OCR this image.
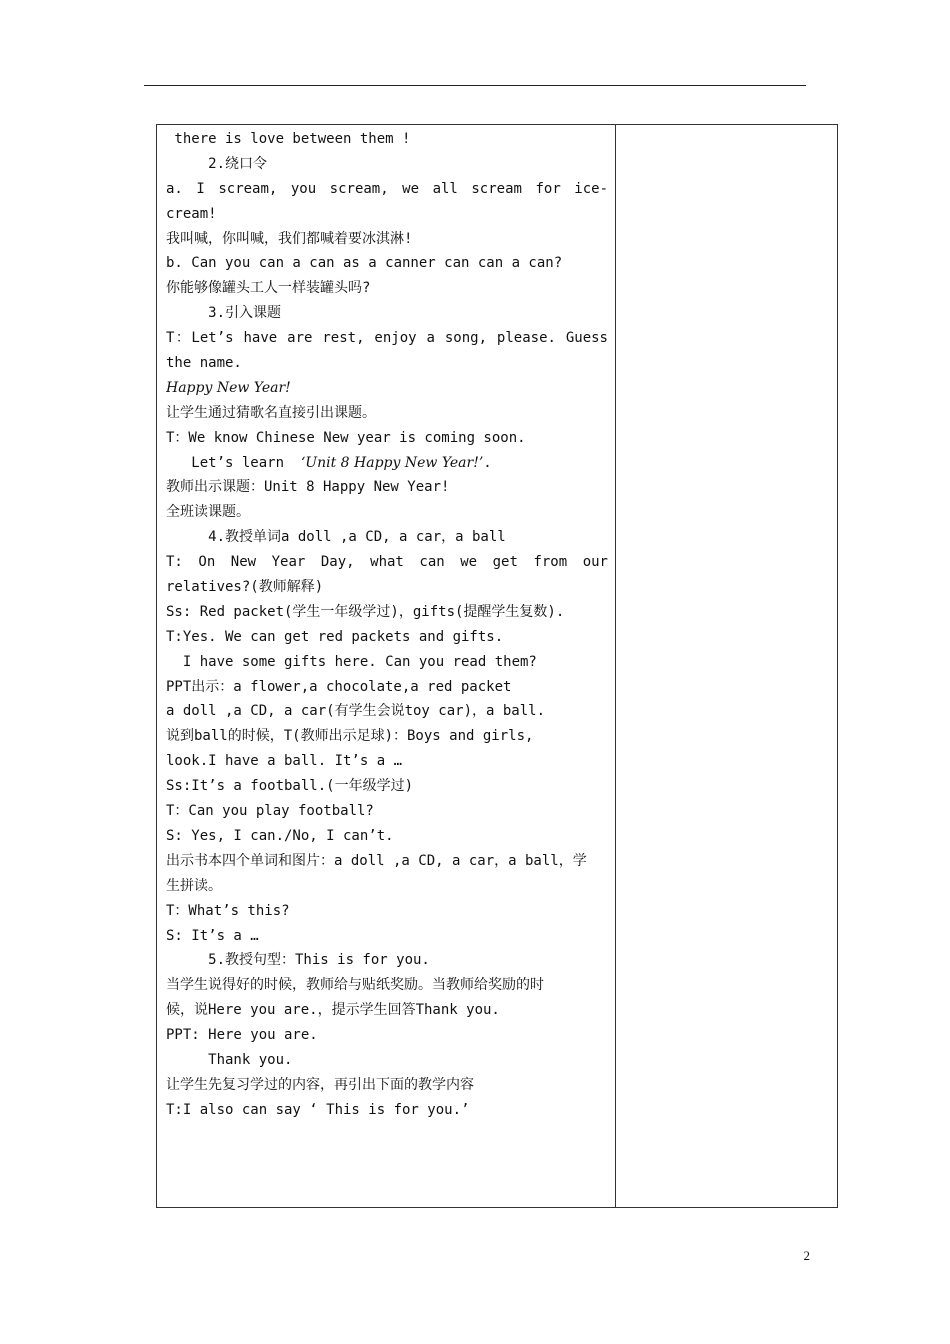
there is love between them !
2.绕口令
a. I scream, you scream, we all scream for ice-
cream!
我叫喊，你叫喊，我们都喊着要冰淇淋!
b. Can you can a can as a canner can can a can?
你能够像罐头工人一样装罐头吗?
3.引入课题
T：Let’s have are rest, enjoy a song, please. Guess
the name.
Happy New Year!
让学生通过猜歌名直接引出课题。
T：We know Chinese New year is coming soon.
Let’s learn  ‘Unit 8 Happy New Year!’.
教师出示课题：Unit 8 Happy New Year!
全班读课题。
4.教授单词a doll ,a CD, a car，a ball
T: On New Year Day, what can we get from our
relatives?(教师解释)
Ss: Red packet(学生一年级学过)，gifts(提醒学生复数).
T:Yes. We can get red packets and gifts.
I have some gifts here. Can you read them?
PPT出示：a flower,a chocolate,a red packet
a doll ,a CD, a car(有学生会说toy car)，a ball.
说到ball的时候，T(教师出示足球)：Boys and girls,
look.I have a ball. It’s a …
Ss:It’s a football.(一年级学过)
T：Can you play football?
S: Yes, I can./No, I can’t.
出示书本四个单词和图片：a doll ,a CD, a car，a ball，学
生拼读。
T：What’s this?
S: It’s a …
5.教授句型：This is for you.
当学生说得好的时候，教师给与贴纸奖励。当教师给奖励的时
候，说Here you are.，提示学生回答Thank you.
PPT: Here you are.
Thank you.
让学生先复习学过的内容，再引出下面的教学内容
T:I also can say ‘ This is for you.’
2
